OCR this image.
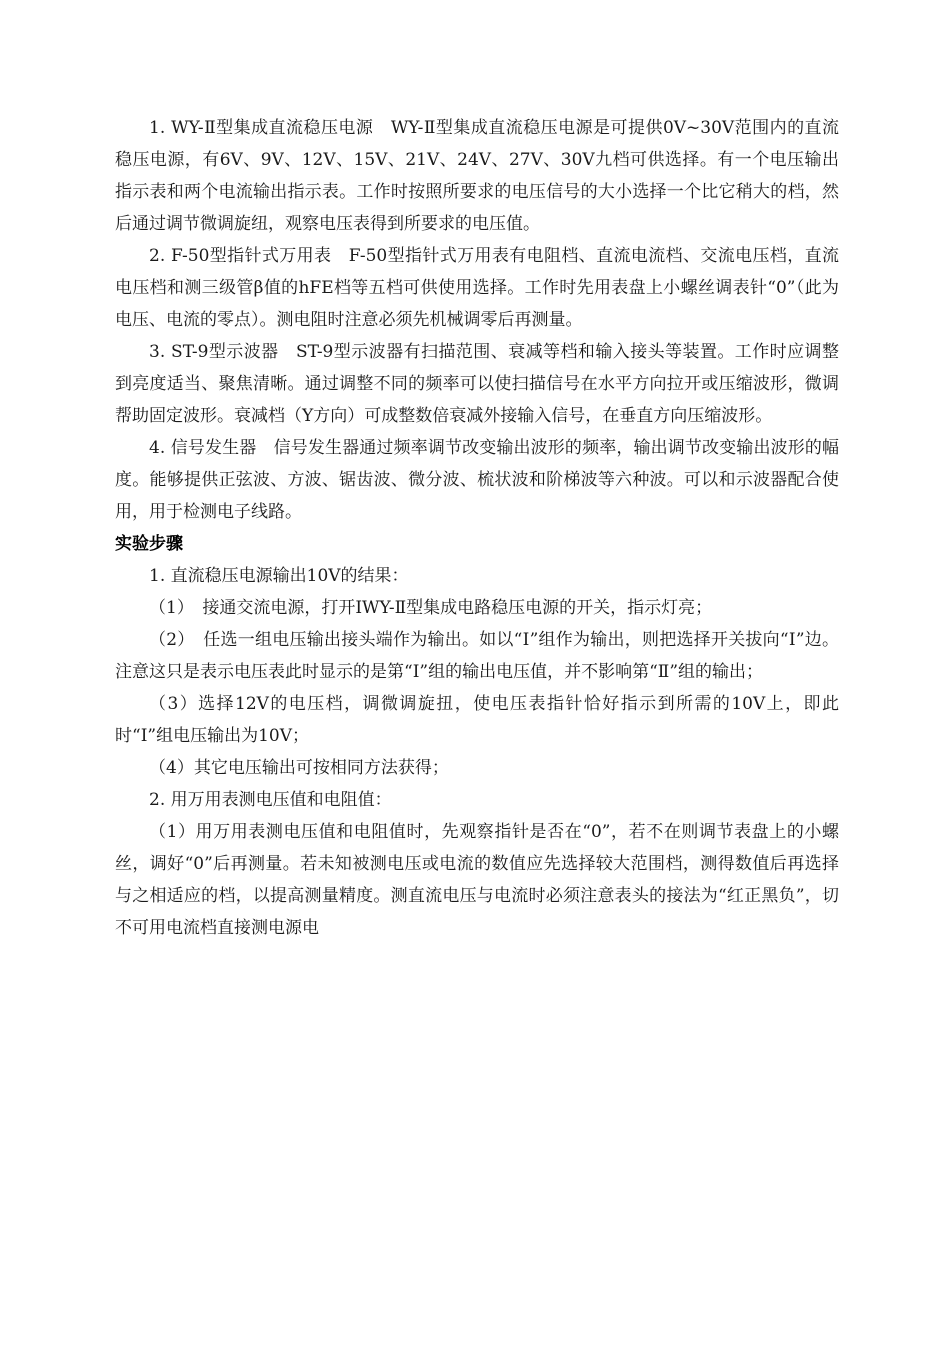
1. WY-Ⅱ型集成直流稳压电源　WY-Ⅱ型集成直流稳压电源是可提供0V~30V范围内的直流稳压电源，有6V、9V、12V、15V、21V、24V、27V、30V九档可供选择。有一个电压输出指示表和两个电流输出指示表。工作时按照所要求的电压信号的大小选择一个比它稍大的档，然后通过调节微调旋纽，观察电压表得到所要求的电压值。

2. F-50型指针式万用表　F-50型指针式万用表有电阻档、直流电流档、交流电压档，直流电压档和测三级管β值的hFE档等五档可供使用选择。工作时先用表盘上小螺丝调表针“0”（此为电压、电流的零点）。测电阻时注意必须先机械调零后再测量。

3. ST-9型示波器　ST-9型示波器有扫描范围、衰减等档和输入接头等装置。工作时应调整到亮度适当、聚焦清晰。通过调整不同的频率可以使扫描信号在水平方向拉开或压缩波形，微调帮助固定波形。衰减档（Y方向）可成整数倍衰减外接输入信号，在垂直方向压缩波形。

4. 信号发生器　信号发生器通过频率调节改变输出波形的频率，输出调节改变输出波形的幅度。能够提供正弦波、方波、锯齿波、微分波、梳状波和阶梯波等六种波。可以和示波器配合使用，用于检测电子线路。

实验步骤

1. 直流稳压电源输出10V的结果：

（1）　接通交流电源，打开IWY-Ⅱ型集成电路稳压电源的开关，指示灯亮；

（2）　任选一组电压输出接头端作为输出。如以“Ⅰ”组作为输出，则把选择开关拔向“Ⅰ”边。注意这只是表示电压表此时显示的是第“Ⅰ”组的输出电压值，并不影响第“Ⅱ”组的输出；

（3）选择12V的电压档，调微调旋扭，使电压表指针恰好指示到所需的10V上，即此时“Ⅰ”组电压输出为10V；

（4）其它电压输出可按相同方法获得；

2. 用万用表测电压值和电阻值：

（1）用万用表测电压值和电阻值时，先观察指针是否在“0”，若不在则调节表盘上的小螺丝，调好“0”后再测量。若未知被测电压或电流的数值应先选择较大范围档，测得数值后再选择与之相适应的档，以提高测量精度。测直流电压与电流时必须注意表头的接法为“红正黑负”，切不可用电流档直接测电源电
